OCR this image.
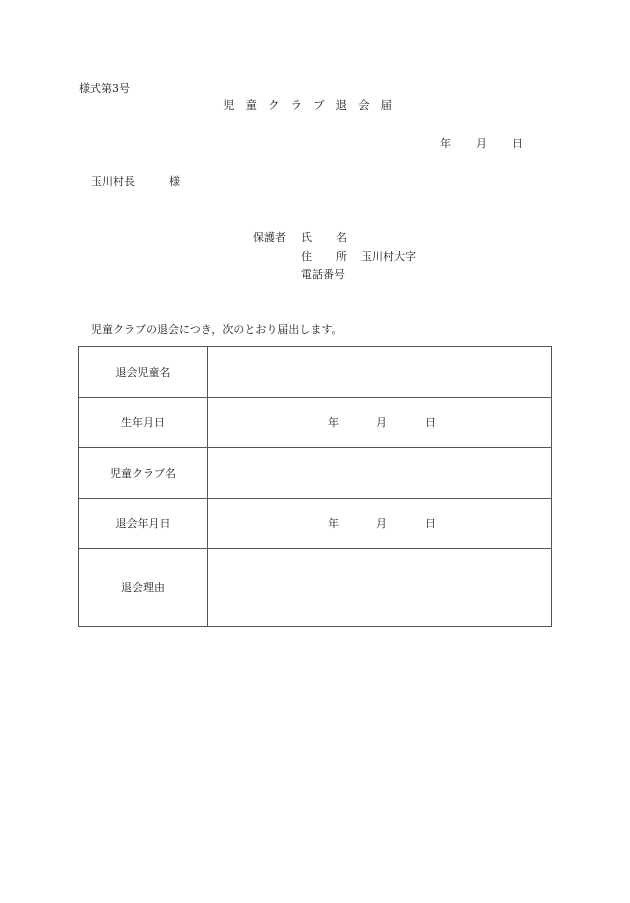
様式第3号
児 童 ク ラ ブ 退 会 届
年 月 日
玉川村長	様
保護者 氏 名
住 所 玉川村大字
電話番号
児童クラブの退会につき，次のとおり届出します。
退会児童名	
生年月日	年 月 日
児童クラブ名	
退会年月日	年 月 日
退会理由	
